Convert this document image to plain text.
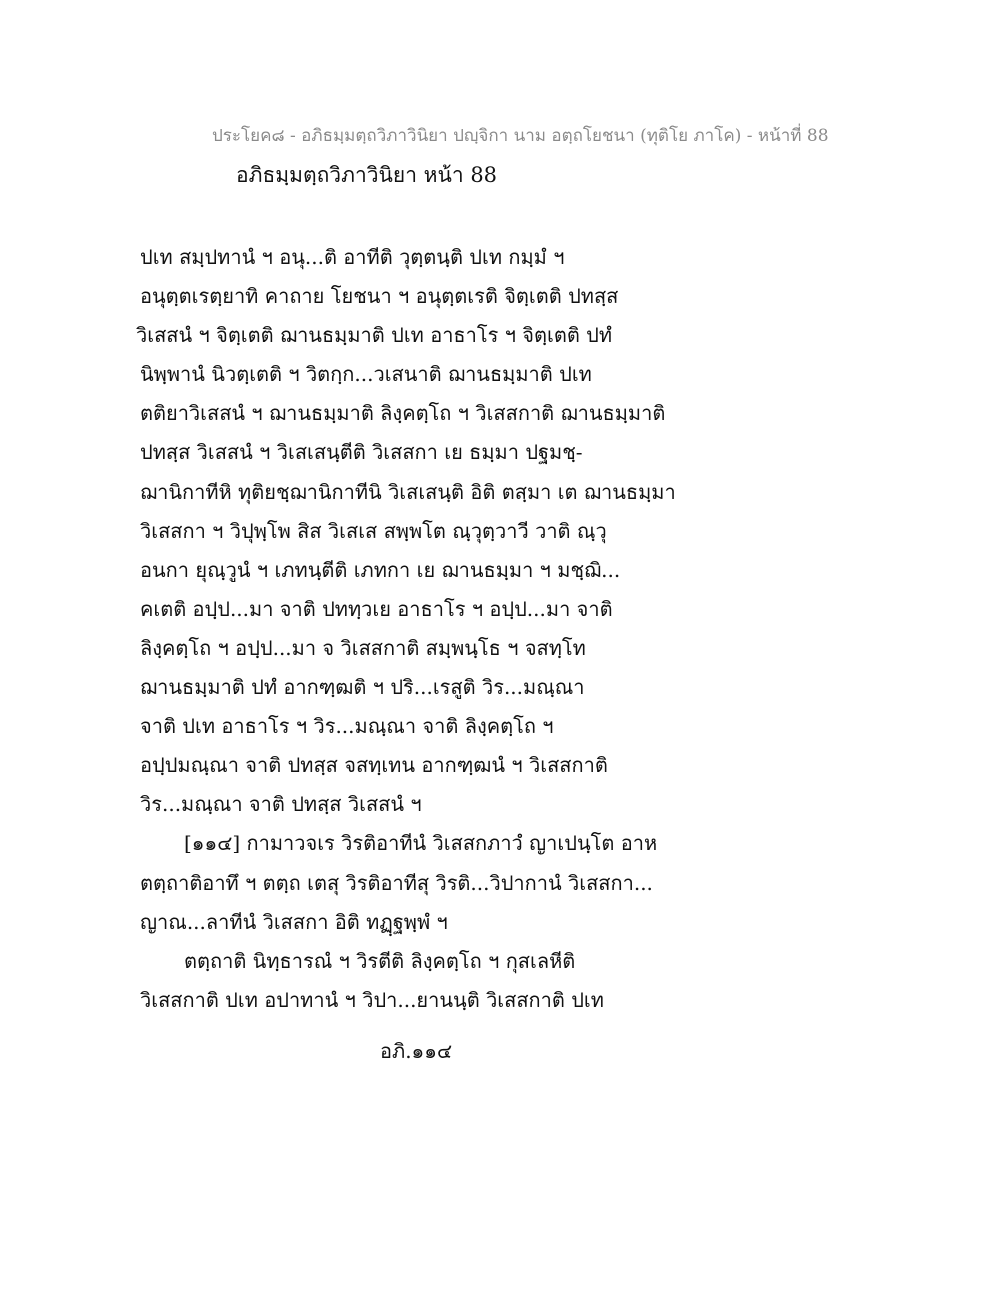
ประโยค๘ - อภิธมฺมตฺถวิภาวินิยา ปญฺจิกา นาม อตฺถโยชนา (ทุติโย ภาโค) - หน้าที่ 88
อภิธมฺมตฺถวิภาวินิยา หน้า 88
ปเท สมฺปทานํ ฯ อนุ...ติ อาทีติ วุตฺตนฺติ ปเท กมฺมํ ฯ
อนุตฺตเรตฺยาทิ คาถาย โยชนา ฯ อนุตฺตเรติ จิตฺเตติ ปทสฺส
วิเสสนํ ฯ จิตฺเตติ ฌานธมฺมาติ ปเท อาธาโร ฯ จิตฺเตติ ปทํ
นิพฺพานํ นิวตฺเตติ ฯ วิตกฺก...วเสนาติ ฌานธมฺมาติ ปเท
ตติยาวิเสสนํ ฯ ฌานธมฺมาติ ลิงฺคตฺโถ ฯ วิเสสกาติ ฌานธมฺมาติ
ปทสฺส วิเสสนํ ฯ วิเสเสนฺตีติ วิเสสกา เย ธมฺมา ปฐมชฺ-
ฌานิกาทีหิ ทุติยชฺฌานิกาทีนิ วิเสเสนฺติ อิติ ตสฺมา เต ฌานธมฺมา
วิเสสกา ฯ วิปุพฺโพ สิส วิเสเส สพฺพโต ณฺวุตฺวาวี วาติ ณฺวุ
อนกา ยุณฺวูนํ ฯ เภทนฺตีติ เภทกา เย ฌานธมฺมา ฯ มชฺฌิ...
คเตติ อปฺป...มา จาติ ปททฺวเย อาธาโร ฯ อปฺป...มา จาติ
ลิงฺคตฺโถ ฯ อปฺป...มา จ วิเสสกาติ สมฺพนฺโธ ฯ จสทฺโท
ฌานธมฺมาติ ปทํ อากฑฺฒติ ฯ ปริ...เรสูติ วิร...มณฺณา
จาติ ปเท อาธาโร ฯ วิร...มณฺณา จาติ ลิงฺคตฺโถ ฯ
อปฺปมณฺณา จาติ ปทสฺส จสทฺเทน อากฑฺฒนํ ฯ วิเสสกาติ
วิร...มณฺณา จาติ ปทสฺส วิเสสนํ ฯ
[๑๑๔] กามาวจเร วิรติอาทีนํ วิเสสกภาวํ ญาเปนฺโต อาห
ตตฺถาติอาทึ ฯ ตตฺถ เตสุ วิรติอาทีสุ วิรติ...วิปากานํ วิเสสกา...
ญาณ...ลาทีนํ วิเสสกา อิติ ทฏฺฐพฺพํ ฯ
ตตฺถาติ นิทฺธารณํ ฯ วิรตีติ ลิงฺคตฺโถ ฯ กุสเลหีติ
วิเสสกาติ ปเท อปาทานํ ฯ วิปา...ยานนฺติ วิเสสกาติ ปเท
อภิ.๑๑๔
